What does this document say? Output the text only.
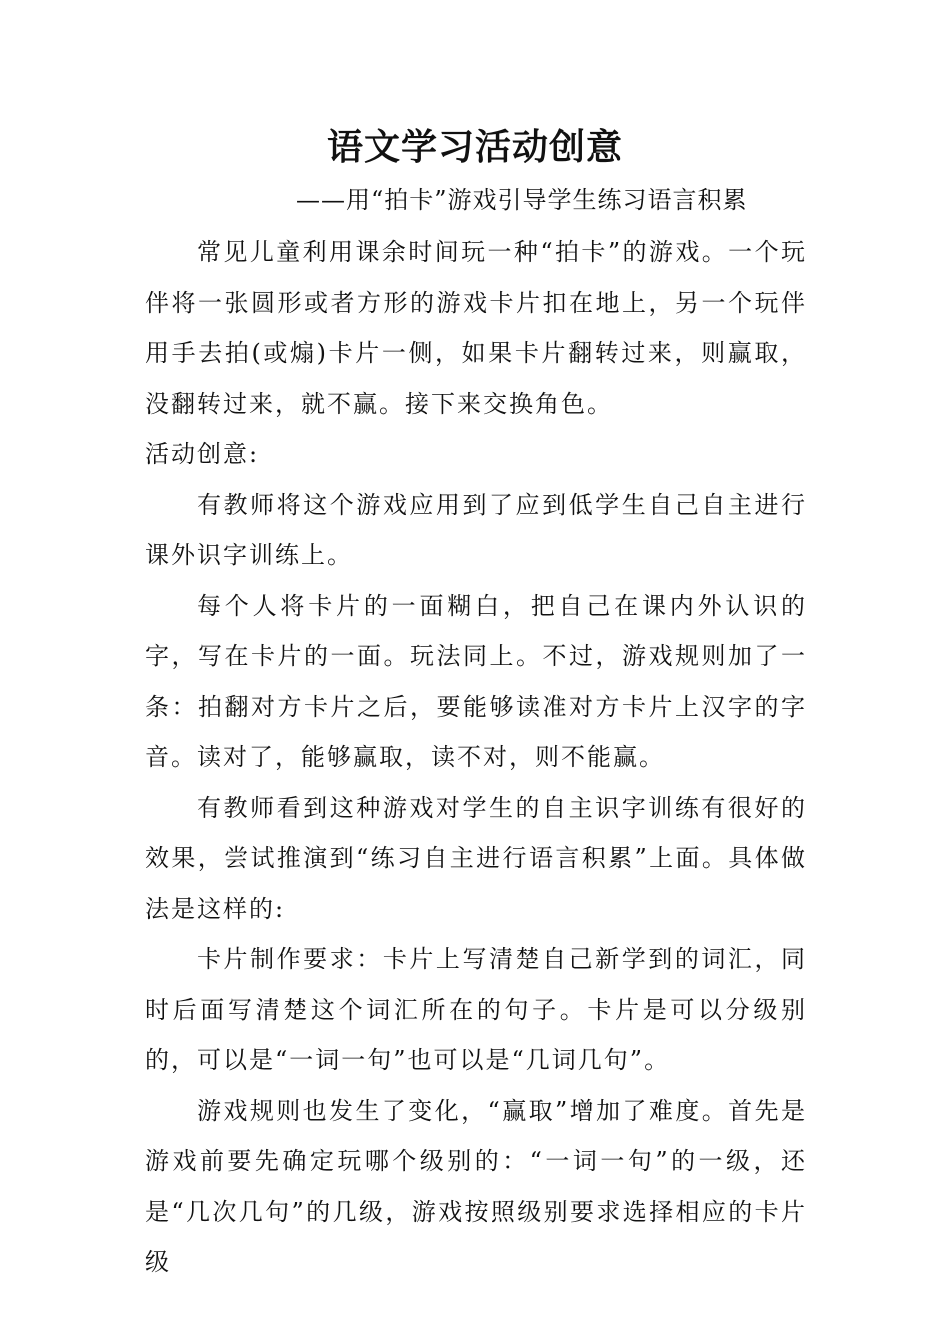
语文学习活动创意

——用“拍卡”游戏引导学生练习语言积累

常见儿童利用课余时间玩一种“拍卡”的游戏。一个玩伴将一张圆形或者方形的游戏卡片扣在地上，另一个玩伴用手去拍(或煽)卡片一侧，如果卡片翻转过来，则赢取，没翻转过来，就不赢。接下来交换角色。

活动创意:

有教师将这个游戏应用到了应到低学生自己自主进行课外识字训练上。

每个人将卡片的一面糊白，把自己在课内外认识的字，写在卡片的一面。玩法同上。不过，游戏规则加了一条：拍翻对方卡片之后，要能够读准对方卡片上汉字的字音。读对了，能够赢取，读不对，则不能赢。

有教师看到这种游戏对学生的自主识字训练有很好的效果，尝试推演到“练习自主进行语言积累”上面。具体做法是这样的:

卡片制作要求：卡片上写清楚自己新学到的词汇，同时后面写清楚这个词汇所在的句子。卡片是可以分级别的，可以是“一词一句”也可以是“几词几句”。

游戏规则也发生了变化，“赢取”增加了难度。首先是游戏前要先确定玩哪个级别的：“一词一句”的一级，还是“几次几句”的几级，游戏按照级别要求选择相应的卡片级
